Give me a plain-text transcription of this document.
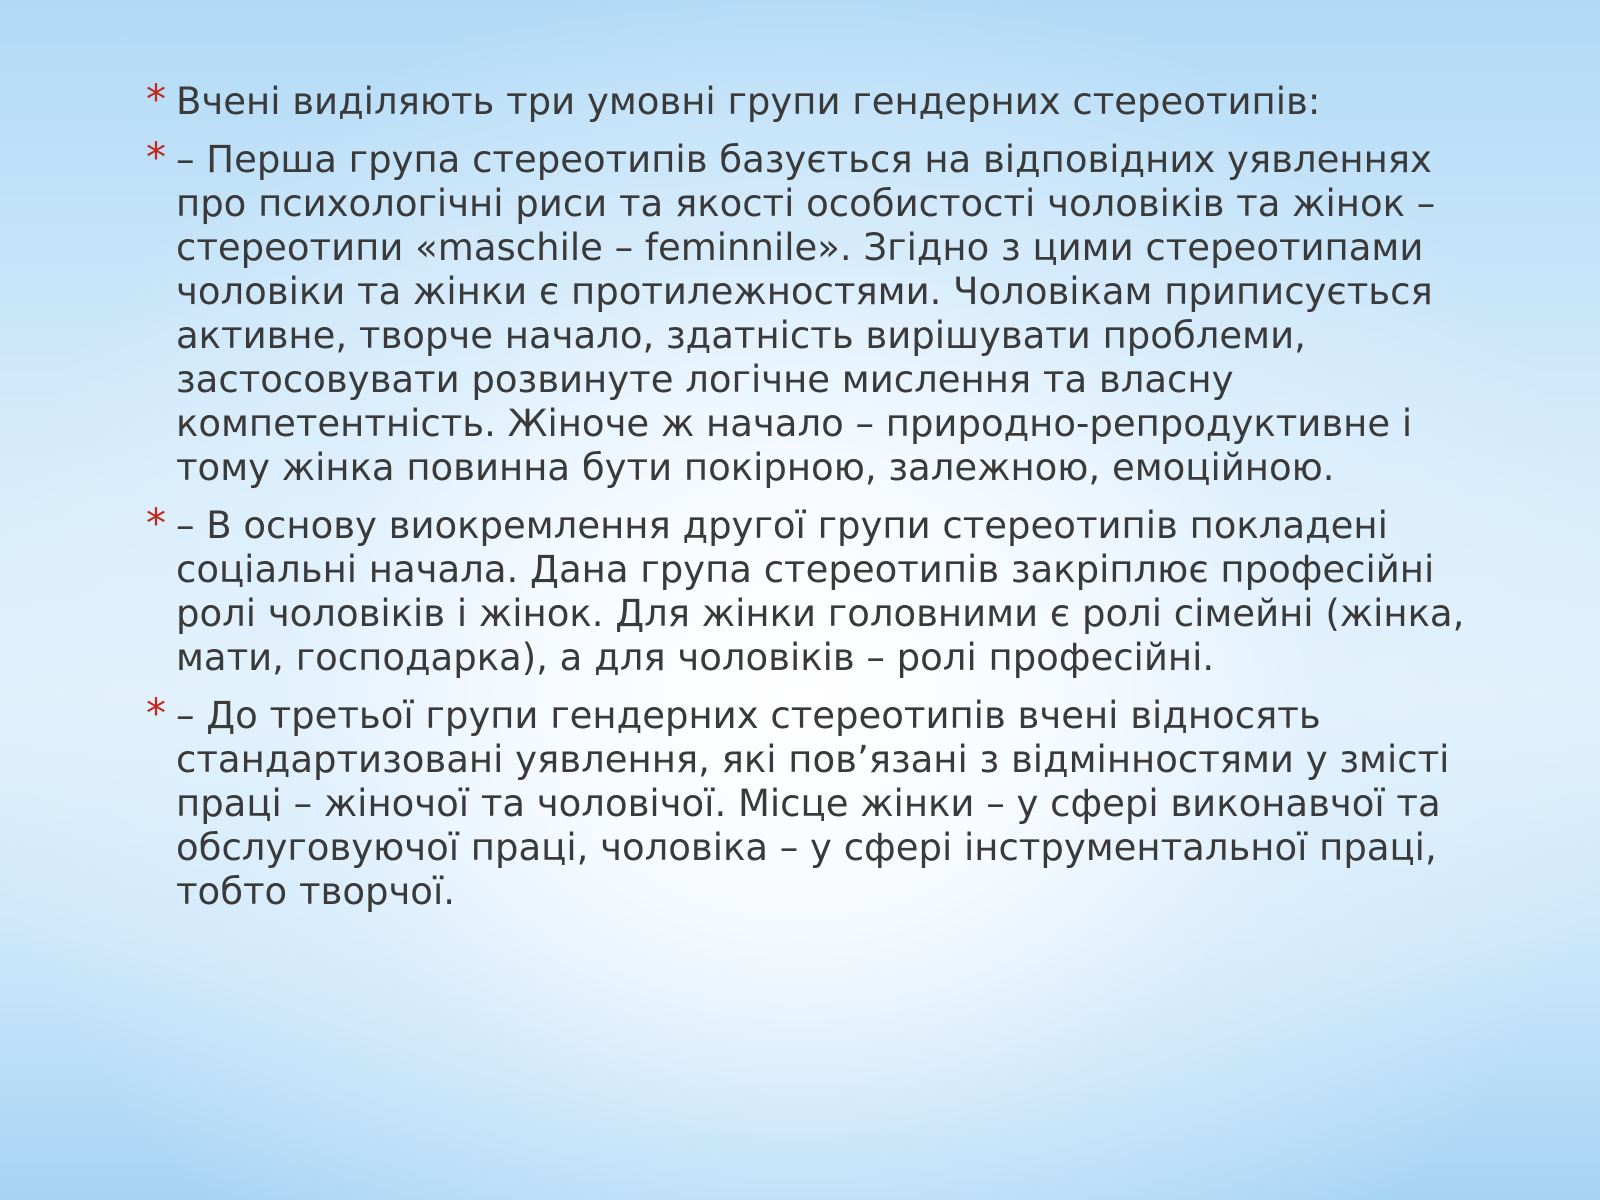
* Вчені виділяють три умовні групи гендерних стереотипів:
* – Перша група стереотипів базується на відповідних уявленнях про психологічні риси та якості особистості чоловіків та жінок – стереотипи «maschile – feminnile». Згідно з цими стереотипами чоловіки та жінки є протилежностями. Чоловікам приписується активне, творче начало, здатність вирішувати проблеми, застосовувати розвинуте логічне мислення та власну компетентність. Жіноче ж начало – природно-репродуктивне і тому жінка повинна бути покірною, залежною, емоційною.
* – В основу виокремлення другої групи стереотипів покладені соціальні начала. Дана група стереотипів закріплює професійні ролі чоловіків і жінок. Для жінки головними є ролі сімейні (жінка, мати, господарка), а для чоловіків – ролі професійні.
* – До третьої групи гендерних стереотипів вчені відносять стандартизовані уявлення, які пов’язані з відмінностями у змісті праці – жіночої та чоловічої. Місце жінки – у сфері виконавчої та обслуговуючої праці, чоловіка – у сфері інструментальної праці, тобто творчої.
